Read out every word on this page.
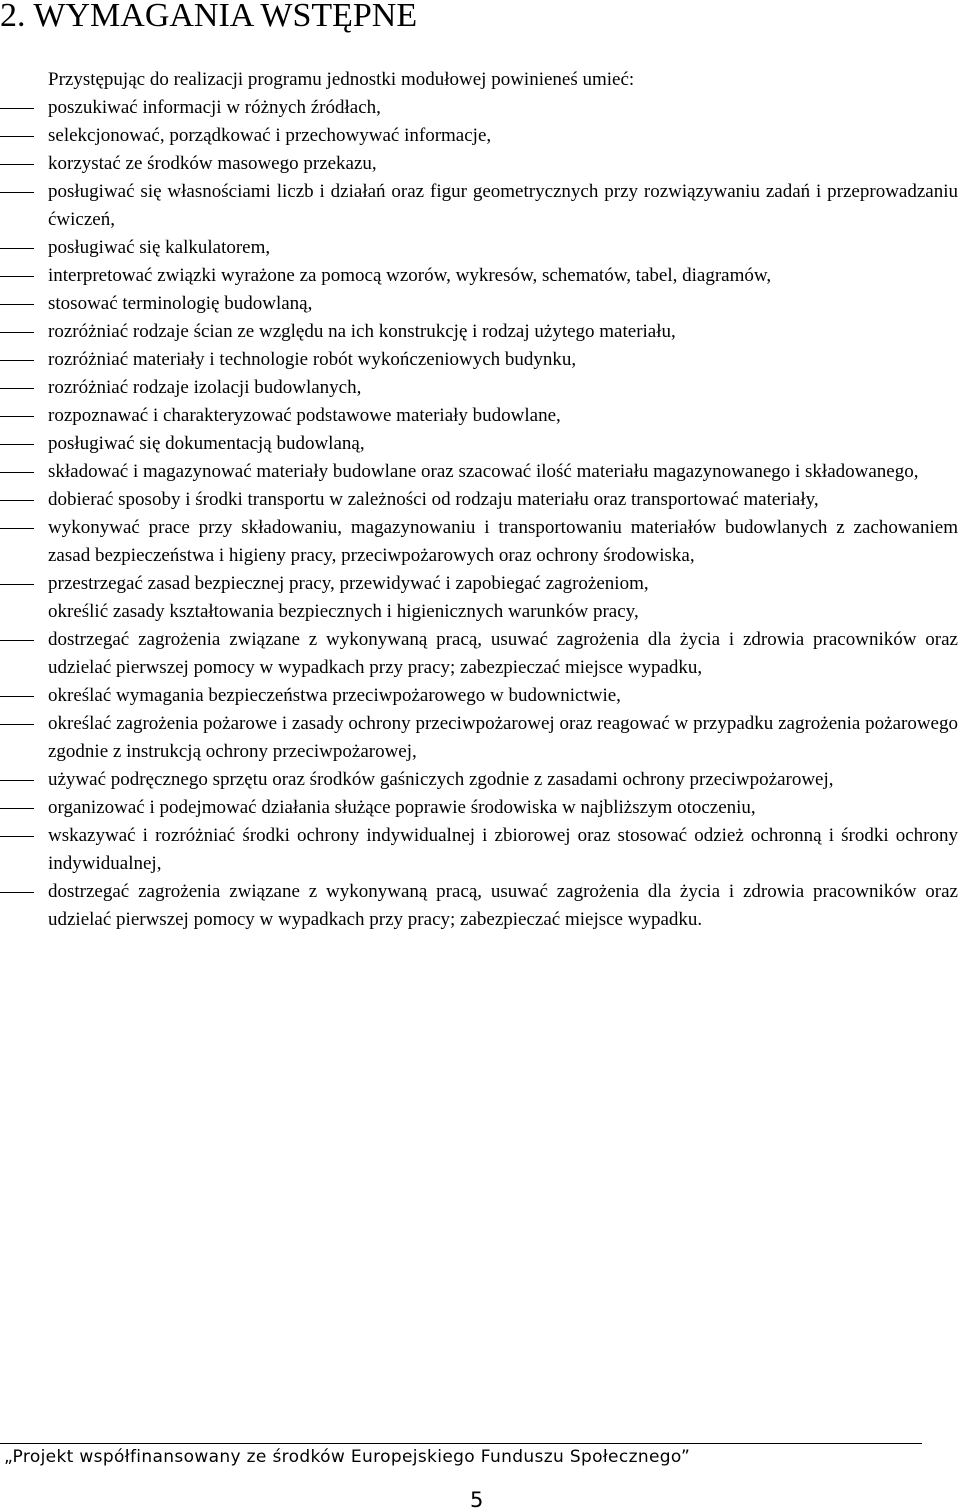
2. WYMAGANIA WSTĘPNE

Przystępując do realizacji programu jednostki modułowej powinieneś umieć:

poszukiwać informacji w różnych źródłach,
selekcjonować, porządkować i przechowywać informacje,
korzystać ze środków masowego przekazu,
posługiwać się własnościami liczb i działań oraz figur geometrycznych przy rozwiązywaniu zadań i przeprowadzaniu ćwiczeń,
posługiwać się kalkulatorem,
interpretować związki wyrażone za pomocą wzorów, wykresów, schematów, tabel, diagramów,
stosować terminologię budowlaną,
rozróżniać rodzaje ścian ze względu na ich konstrukcję i rodzaj użytego materiału,
rozróżniać materiały i technologie robót wykończeniowych budynku,
rozróżniać rodzaje izolacji budowlanych,
rozpoznawać i charakteryzować podstawowe materiały budowlane,
posługiwać się dokumentacją budowlaną,
składować i magazynować materiały budowlane oraz szacować ilość materiału magazynowanego i składowanego,
dobierać sposoby i środki transportu w zależności od rodzaju materiału oraz transportować materiały,
wykonywać prace przy składowaniu, magazynowaniu i transportowaniu materiałów budowlanych z zachowaniem zasad bezpieczeństwa i higieny pracy, przeciwpożarowych oraz ochrony środowiska,
przestrzegać zasad bezpiecznej pracy, przewidywać i zapobiegać zagrożeniom,
określić zasady kształtowania bezpiecznych i higienicznych warunków pracy,
dostrzegać zagrożenia związane z wykonywaną pracą, usuwać zagrożenia dla życia i zdrowia pracowników oraz udzielać pierwszej pomocy w wypadkach przy pracy; zabezpieczać miejsce wypadku,
określać wymagania bezpieczeństwa przeciwpożarowego w budownictwie,
określać zagrożenia pożarowe i zasady ochrony przeciwpożarowej oraz reagować w przypadku zagrożenia pożarowego zgodnie z instrukcją ochrony przeciwpożarowej,
używać podręcznego sprzętu oraz środków gaśniczych zgodnie z zasadami ochrony przeciwpożarowej,
organizować i podejmować działania służące poprawie środowiska w najbliższym otoczeniu,
wskazywać i rozróżniać środki ochrony indywidualnej i zbiorowej oraz stosować odzież ochronną i środki ochrony indywidualnej,
dostrzegać zagrożenia związane z wykonywaną pracą, usuwać zagrożenia dla życia i zdrowia pracowników oraz udzielać pierwszej pomocy w wypadkach przy pracy; zabezpieczać miejsce wypadku.

„Projekt współfinansowany ze środków Europejskiego Funduszu Społecznego”

5
